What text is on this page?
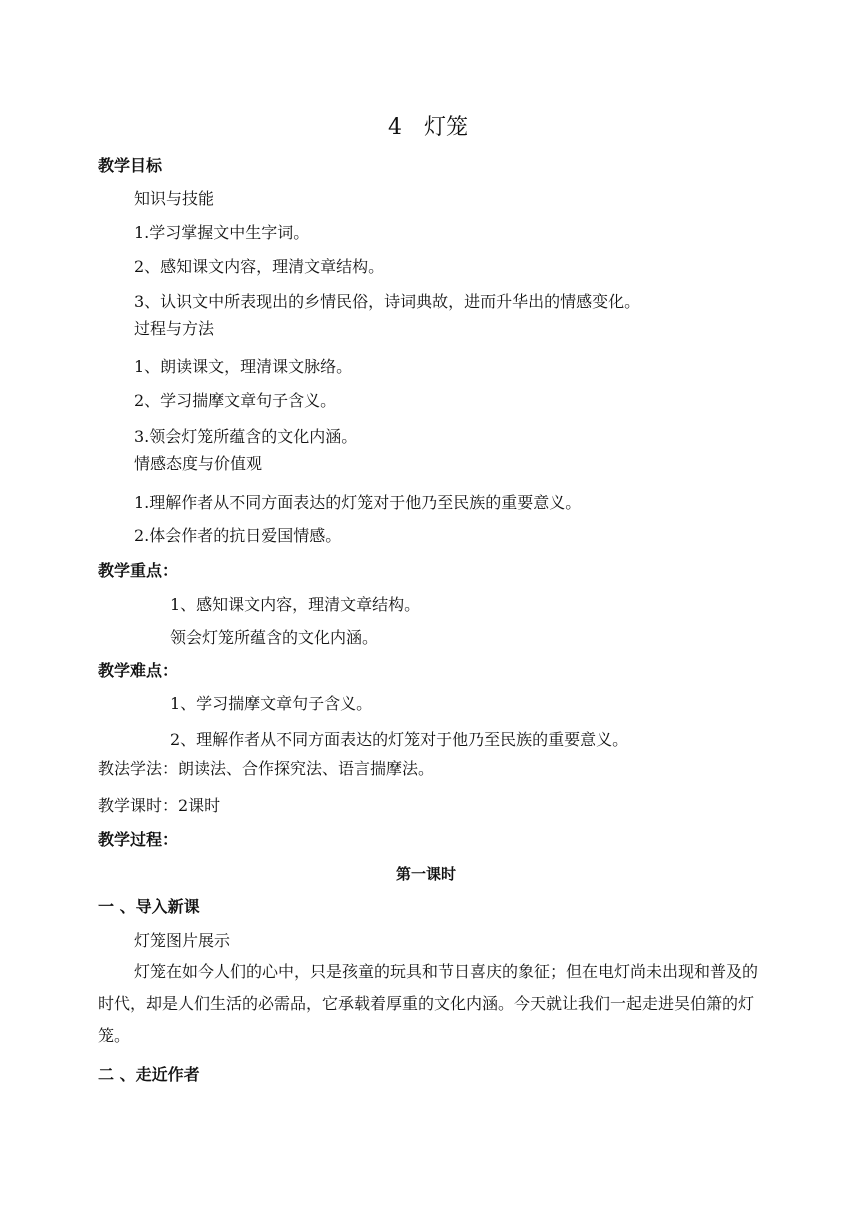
4　灯笼
教学目标
知识与技能
1.学习掌握文中生字词。
2、感知课文内容，理清文章结构。
3、认识文中所表现出的乡情民俗，诗词典故，进而升华出的情感变化。
过程与方法
1、朗读课文，理清课文脉络。
2、学习揣摩文章句子含义。
3.领会灯笼所蕴含的文化内涵。
情感态度与价值观
1.理解作者从不同方面表达的灯笼对于他乃至民族的重要意义。
2.体会作者的抗日爱国情感。
教学重点：
1、感知课文内容，理清文章结构。
领会灯笼所蕴含的文化内涵。
教学难点：
1、学习揣摩文章句子含义。
2、理解作者从不同方面表达的灯笼对于他乃至民族的重要意义。
教法学法：朗读法、合作探究法、语言揣摩法。
教学课时：2课时
教学过程：
第一课时
一 、导入新课
灯笼图片展示

灯笼在如今人们的心中，只是孩童的玩具和节日喜庆的象征；但在电灯尚未出现和普及的时代，却是人们生活的必需品，它承载着厚重的文化内涵。今天就让我们一起走进吴伯箫的灯笼。

二 、走近作者
